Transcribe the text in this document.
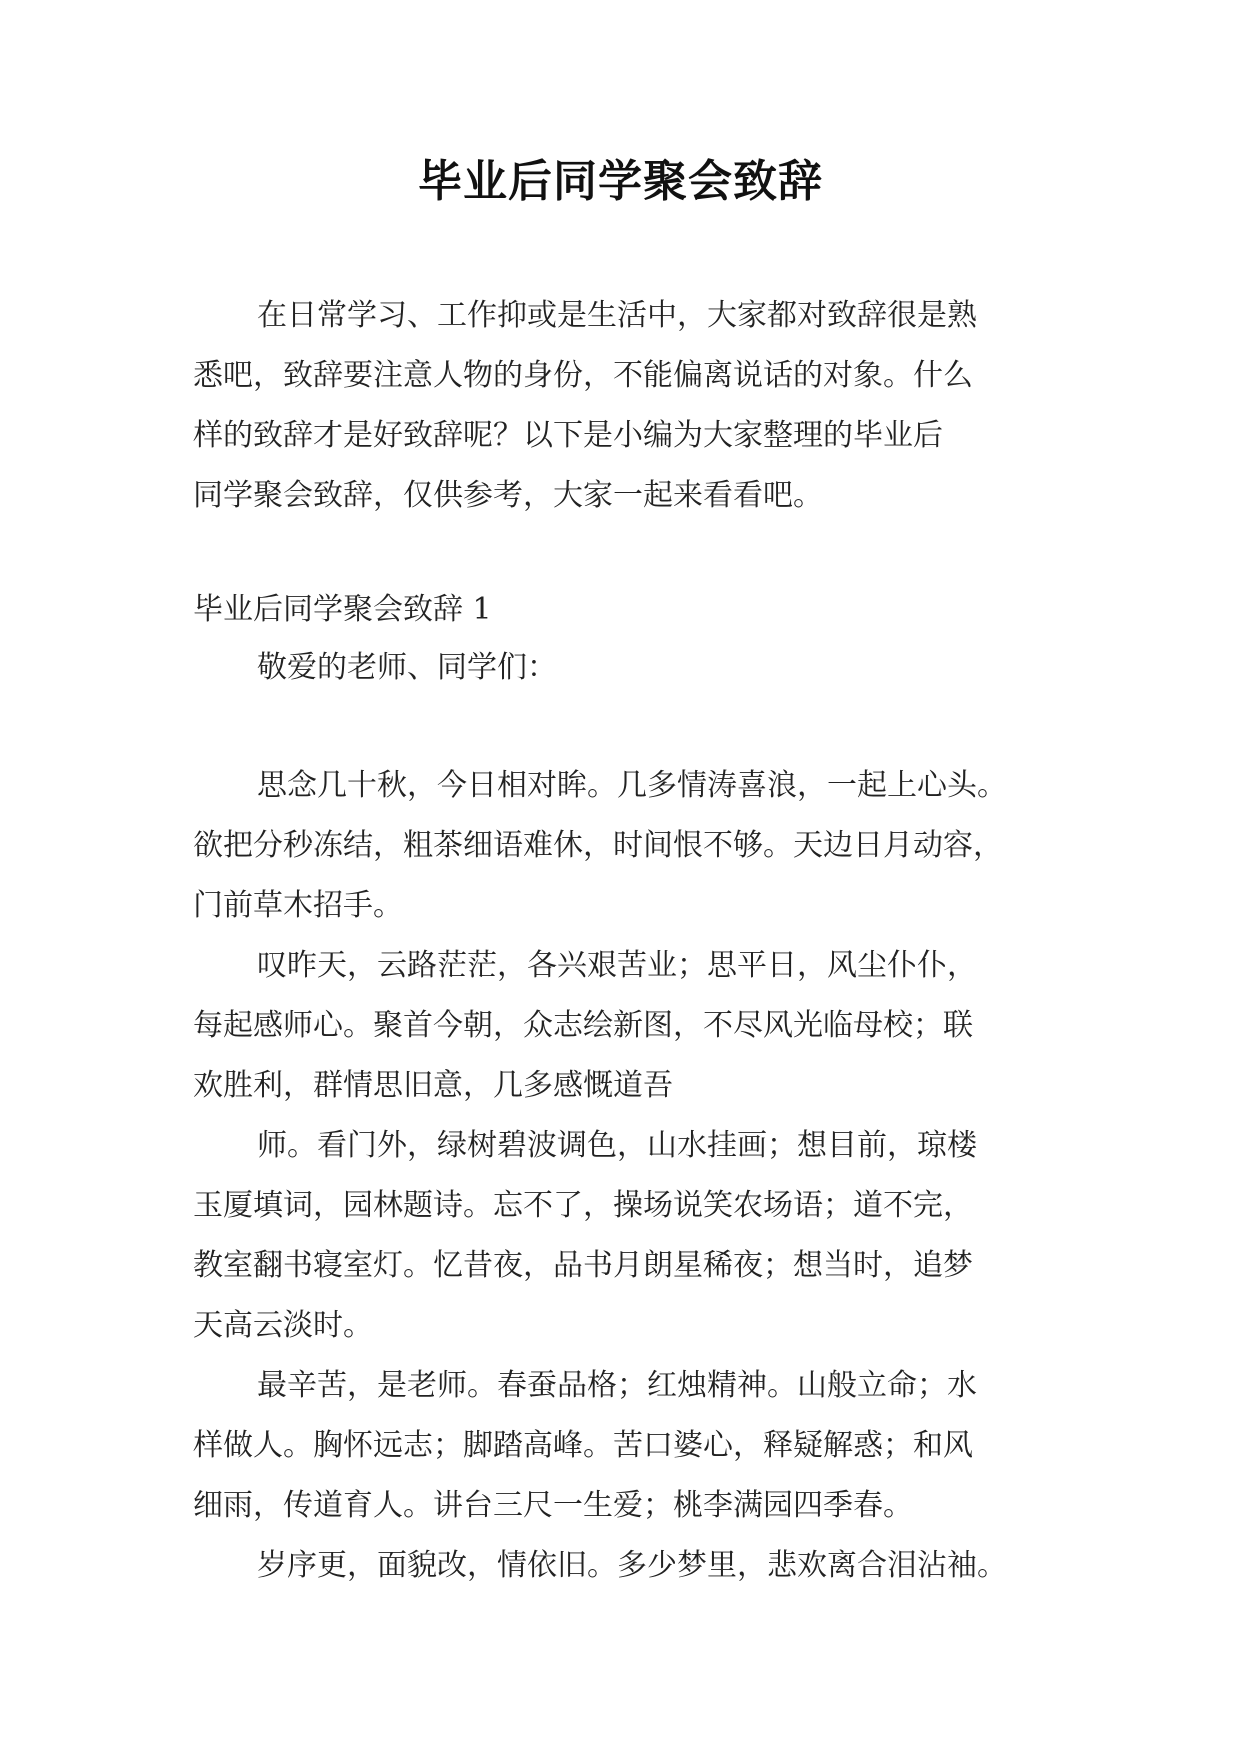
毕业后同学聚会致辞
在日常学习、工作抑或是生活中，大家都对致辞很是熟
悉吧，致辞要注意人物的身份，不能偏离说话的对象。什么
样的致辞才是好致辞呢？以下是小编为大家整理的毕业后
同学聚会致辞，仅供参考，大家一起来看看吧。
毕业后同学聚会致辞 1
敬爱的老师、同学们：
思念几十秋，今日相对眸。几多情涛喜浪，一起上心头。
欲把分秒冻结，粗茶细语难休，时间恨不够。天边日月动容，
门前草木招手。
叹昨天，云路茫茫，各兴艰苦业；思平日，风尘仆仆，
每起感师心。聚首今朝，众志绘新图，不尽风光临母校；联
欢胜利，群情思旧意，几多感慨道吾
师。看门外，绿树碧波调色，山水挂画；想目前，琼楼
玉厦填词，园林题诗。忘不了，操场说笑农场语；道不完，
教室翻书寝室灯。忆昔夜，品书月朗星稀夜；想当时，追梦
天高云淡时。
最辛苦，是老师。春蚕品格；红烛精神。山般立命；水
样做人。胸怀远志；脚踏高峰。苦口婆心，释疑解惑；和风
细雨，传道育人。讲台三尺一生爱；桃李满园四季春。
岁序更，面貌改，情依旧。多少梦里，悲欢离合泪沾袖。
